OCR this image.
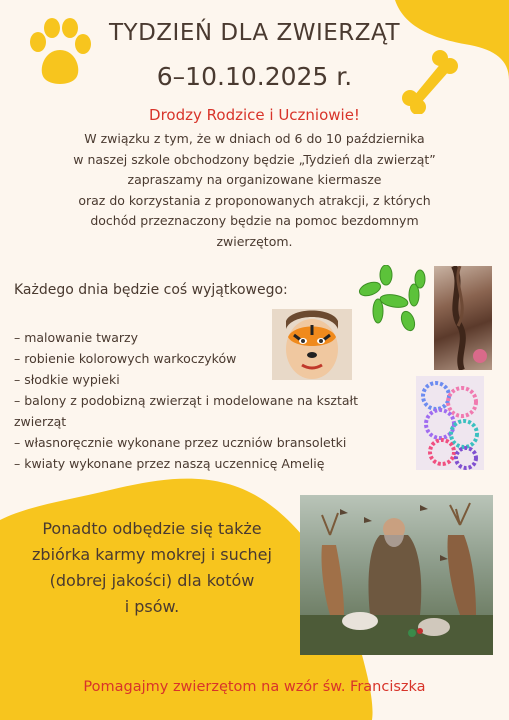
TYDZIEŃ DLA ZWIERZĄT
6–10.10.2025 r.
Drodzy Rodzice i Uczniowie!
W związku z tym, że w dniach od 6 do 10 października
w naszej szkole obchodzony będzie „Tydzień dla zwierząt”
zapraszamy na organizowane kiermasze
oraz do korzystania z proponowanych atrakcji, z których
dochód przeznaczony będzie na pomoc bezdomnym
zwierzętom.
Każdego dnia będzie coś wyjątkowego:
– malowanie twarzy
– robienie kolorowych warkoczyków
– słodkie wypieki
– balony z podobizną zwierząt i modelowane na kształt
zwierząt
– własnoręcznie wykonane przez uczniów bransoletki
– kwiaty wykonane przez naszą uczennicę Amelię
Ponadto odbędzie się także
zbiórka karmy mokrej i suchej
(dobrej jakości) dla kotów
i psów.
Pomagajmy zwierzętom na wzór św. Franciszka
